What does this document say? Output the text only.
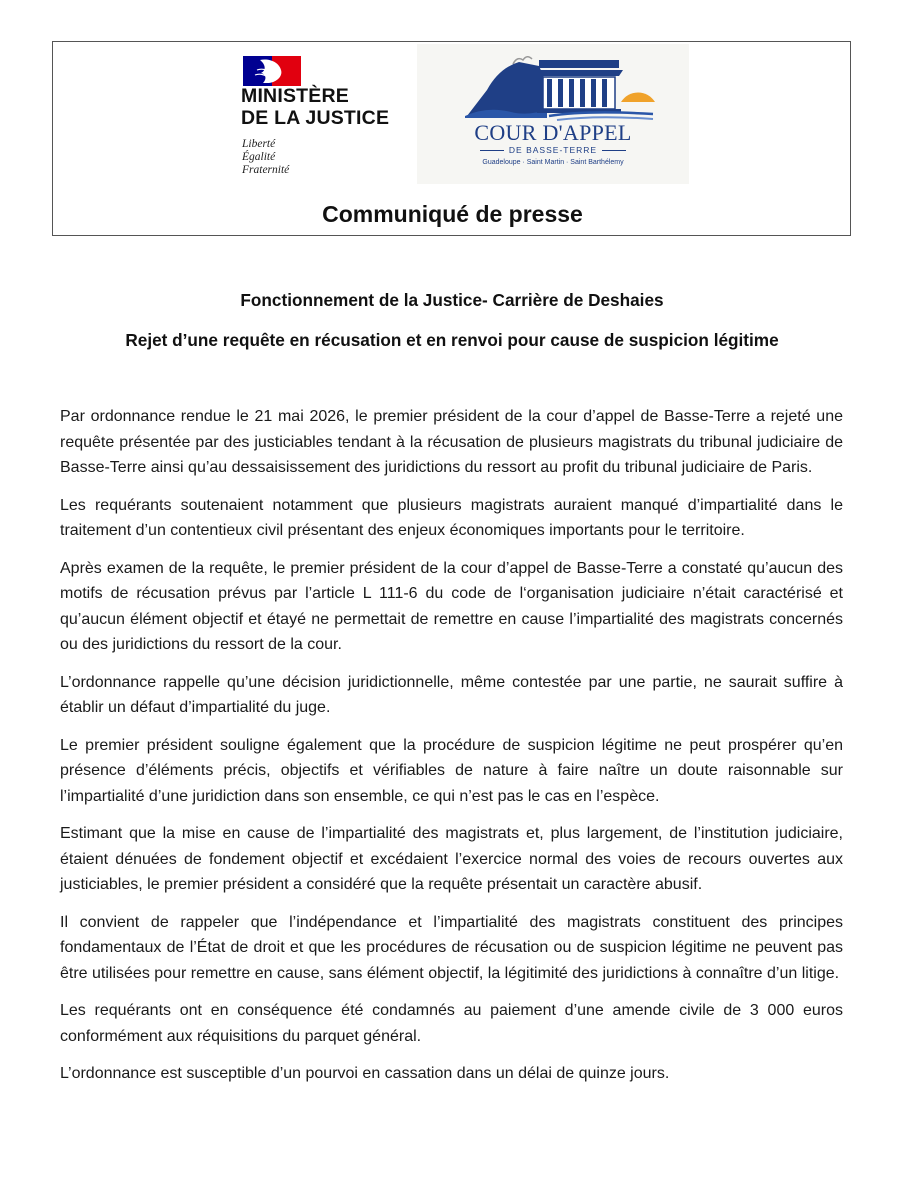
MINISTÈRE
DE LA JUSTICE
Liberté
Égalité
Fraternité
COUR D'APPEL
DE BASSE-TERRE
Guadeloupe · Saint Martin · Saint Barthélemy
Communiqué de presse
Fonctionnement de la Justice- Carrière de Deshaies
Rejet d’une requête en récusation et en renvoi pour cause de suspicion légitime

Par ordonnance rendue le 21 mai 2026, le premier président de la cour d’appel de Basse-Terre a rejeté une requête présentée par des justiciables tendant à la récusation de plusieurs magistrats du tribunal judiciaire de Basse-Terre ainsi qu’au dessaisissement des juridictions du ressort au profit du tribunal judiciaire de Paris.

Les requérants soutenaient notamment que plusieurs magistrats auraient manqué d’impartialité dans le traitement d’un contentieux civil présentant des enjeux économiques importants pour le territoire.

Après examen de la requête, le premier président de la cour d’appel de Basse-Terre a constaté qu’aucun des motifs de récusation prévus par l’article L 111-6 du code de l‘organisation judiciaire n’était caractérisé et qu’aucun élément objectif et étayé ne permettait de remettre en cause l’impartialité des magistrats concernés ou des juridictions du ressort de la cour.

L’ordonnance rappelle qu’une décision juridictionnelle, même contestée par une partie, ne saurait suffire à établir un défaut d’impartialité du juge.

Le premier président souligne également que la procédure de suspicion légitime ne peut prospérer qu’en présence d’éléments précis, objectifs et vérifiables de nature à faire naître un doute raisonnable sur l’impartialité d’une juridiction dans son ensemble, ce qui n’est pas le cas en l’espèce.

Estimant que la mise en cause de l’impartialité des magistrats et, plus largement, de l’institution judiciaire, étaient dénuées de fondement objectif et excédaient l’exercice normal des voies de recours ouvertes aux justiciables, le premier président a considéré que la requête présentait un caractère abusif.

Il convient de rappeler que l’indépendance et l’impartialité des magistrats constituent des principes fondamentaux de l’État de droit et que les procédures de récusation ou de suspicion légitime ne peuvent pas être utilisées pour remettre en cause, sans élément objectif, la légitimité des juridictions à connaître d’un litige.

Les requérants ont en conséquence été condamnés au paiement d’une amende civile de 3 000 euros conformément aux réquisitions du parquet général.

L’ordonnance est susceptible d’un pourvoi en cassation dans un délai de quinze jours.
